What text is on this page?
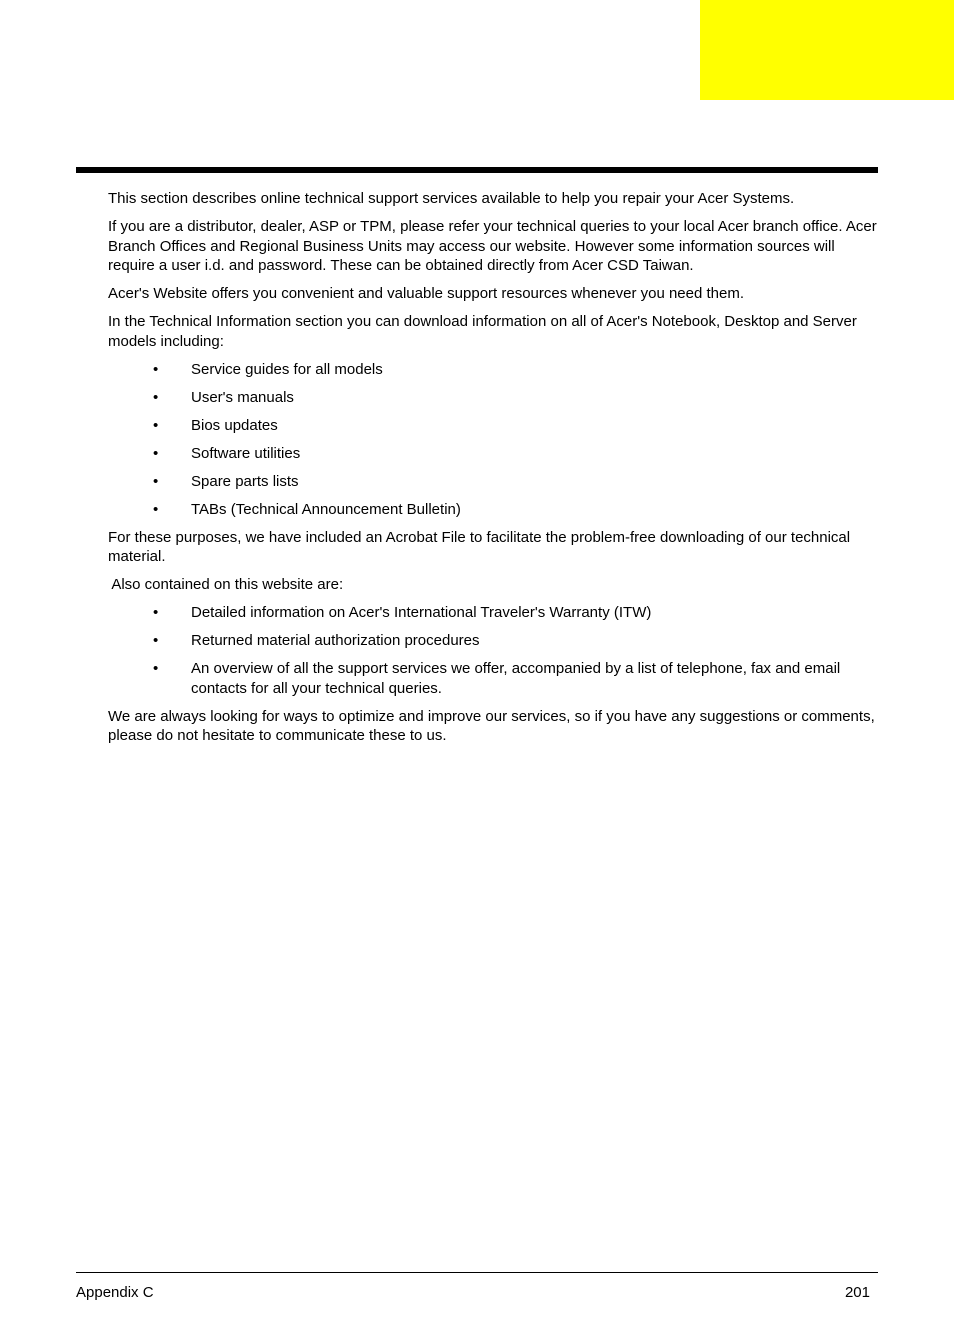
This section describes online technical support services available to help you repair your Acer Systems.

If you are a distributor, dealer, ASP or TPM, please refer your technical queries to your local Acer branch office. Acer Branch Offices and Regional Business Units may access our website. However some information sources will require a user i.d. and password. These can be obtained directly from Acer CSD Taiwan.

Acer's Website offers you convenient and valuable support resources whenever you need them.

In the Technical Information section you can download information on all of Acer's Notebook, Desktop and Server models including:

• Service guides for all models
• User's manuals
• Bios updates
• Software utilities
• Spare parts lists
• TABs (Technical Announcement Bulletin)

For these purposes, we have included an Acrobat File to facilitate the problem-free downloading of our technical material.

Also contained on this website are:

• Detailed information on Acer's International Traveler's Warranty (ITW)
• Returned material authorization procedures
• An overview of all the support services we offer, accompanied by a list of telephone, fax and email contacts for all your technical queries.

We are always looking for ways to optimize and improve our services, so if you have any suggestions or comments, please do not hesitate to communicate these to us.

Appendix C	201
